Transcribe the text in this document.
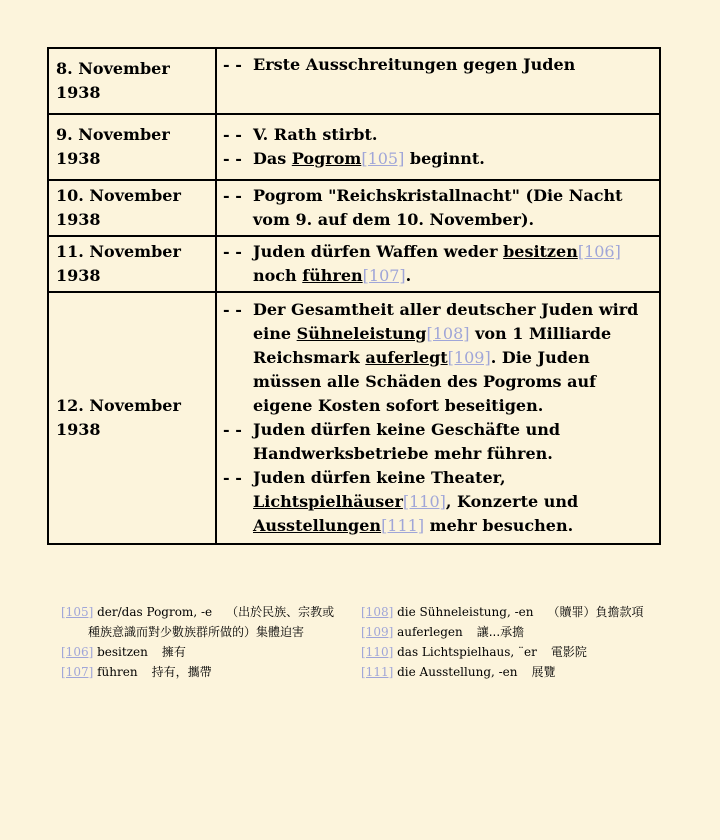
8. November 1938	- - Erste Ausschreitungen gegen Juden

9. November 1938	- - V. Rath stirbt.
- - Das Pogrom[105] beginnt.

10. November 1938	- - Pogrom "Reichskristallnacht" (Die Nacht vom 9. auf dem 10. November).

11. November 1938	- - Juden dürfen Waffen weder besitzen[106] noch führen[107].

12. November 1938	- - Der Gesamtheit aller deutscher Juden wird eine Sühneleistung[108] von 1 Milliarde Reichsmark auferlegt[109]. Die Juden müssen alle Schäden des Pogroms auf eigene Kosten sofort beseitigen.
- - Juden dürfen keine Geschäfte und Handwerksbetriebe mehr führen.
- - Juden dürfen keine Theater, Lichtspielhäuser[110], Konzerte und Ausstellungen[111] mehr besuchen.
[105] der/das Pogrom, -e （出於民族、宗教或種族意識而對少數族群所做的）集體迫害
[106] besitzen 擁有
[107] führen 持有，攜帶
[108] die Sühneleistung, -en （贖罪）負擔款項
[109] auferlegen 讓...承擔
[110] das Lichtspielhaus, ¨er 電影院
[111] die Ausstellung, -en 展覽
